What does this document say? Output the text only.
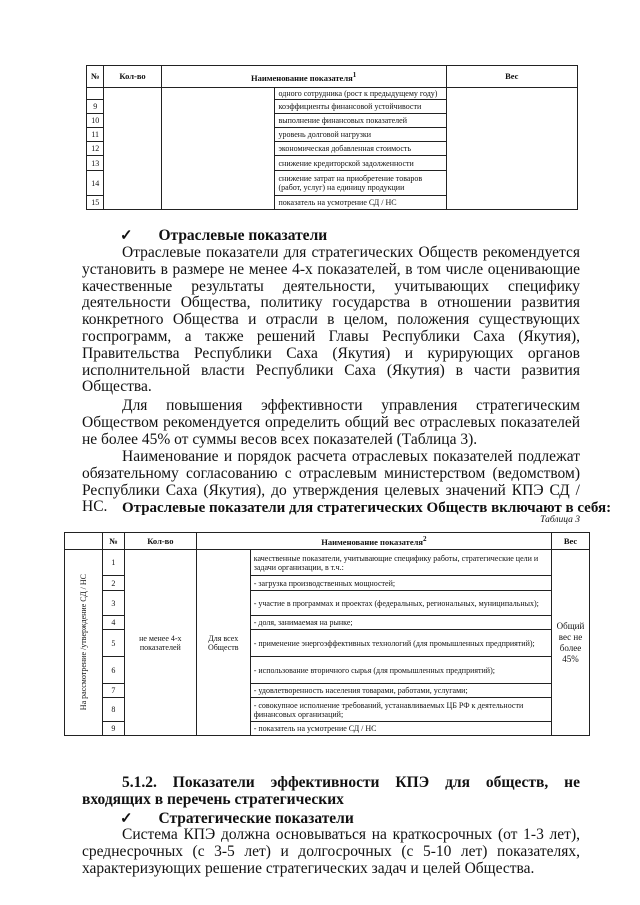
№	Кол-во	Наименование показателя$^1$		Вес
			одного сотрудника (рост к предыдущему году)	
9			коэффициенты финансовой устойчивости	
10			выполнение финансовых показателей	
11			уровень долговой нагрузки	
12			экономическая добавленная стоимость	
13			снижение кредиторской задолженности	
14			снижение затрат на приобретение товаров (работ, услуг) на единицу продукции	
15			показатель на усмотрение СД / НС	
✓ Отраслевые показатели
Отраслевые показатели для стратегических Обществ рекомендуется установить в размере не менее 4-х показателей, в том числе оценивающие качественные результаты деятельности, учитывающих специфику деятельности Общества, политику государства в отношении развития конкретного Общества и отрасли в целом, положения существующих госпрограмм, а также решений Главы Республики Саха (Якутия), Правительства Республики Саха (Якутия) и курирующих органов исполнительной власти Республики Саха (Якутия) в части развития Общества.
Для повышения эффективности управления стратегическим Обществом рекомендуется определить общий вес отраслевых показателей не более 45% от суммы весов всех показателей (Таблица 3).
Наименование и порядок расчета отраслевых показателей подлежат обязательному согласованию с отраслевым министерством (ведомством) Республики Саха (Якутия), до утверждения целевых значений КПЭ СД / НС. Отраслевые показатели для стратегических Обществ включают в себя:
Таблица 3
	№	Кол-во	Наименование показателя$^2$		Вес

На рассмотрение /утверждение СД / НС	1	не менее 4-х показателей	Для всех Обществ	качественные показатели, учитывающие специфику работы, стратегические цели и задачи организации, в т.ч.:	Общий вес не более 45%
	2			- загрузка производственных мощностей;	
	3			- участие в программах и проектах (федеральных, региональных, муниципальных);	
	4			- доля, занимаемая на рынке;	
	5			- применение энергоэффективных технологий (для промышленных предприятий);	
	6			- использование вторичного сырья (для промышленных предприятий);	
	7			- удовлетворенность населения товарами, работами, услугами;	
	8			- совокупное исполнение требований, устанавливаемых ЦБ РФ к деятельности финансовых организаций;	
	9			- показатель на усмотрение СД / НС	
5.1.2. Показатели эффективности КПЭ для обществ, не входящих в перечень стратегических
✓ Стратегические показатели
Система КПЭ должна основываться на краткосрочных (от 1-3 лет), среднесрочных (с 3-5 лет) и долгосрочных (с 5-10 лет) показателях, характеризующих решение стратегических задач и целей Общества.
